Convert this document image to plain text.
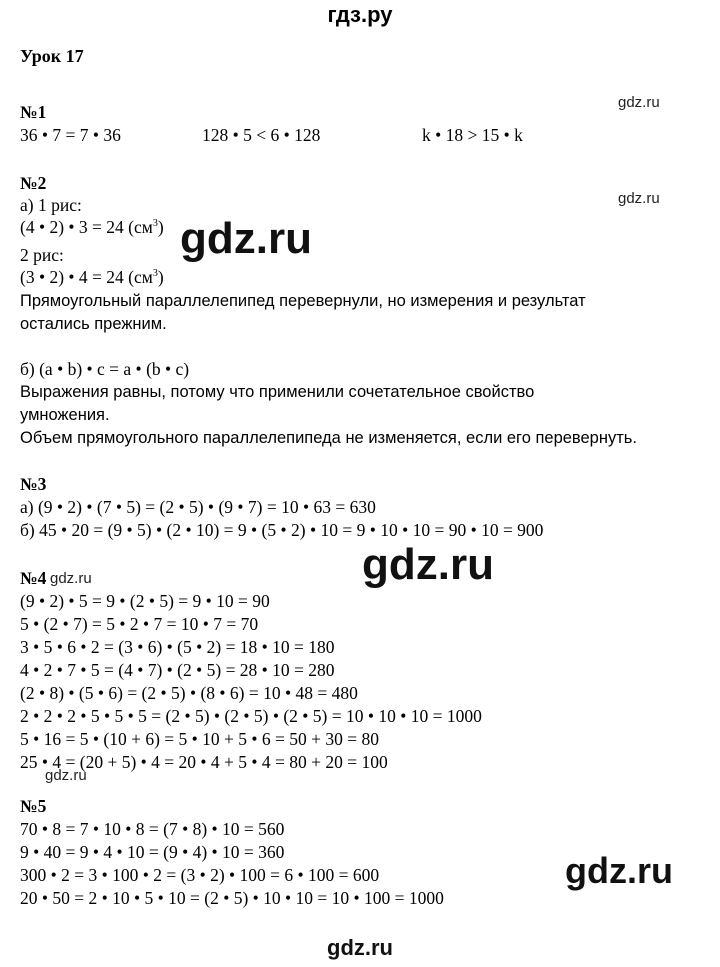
гдз.ру
Урок 17
№1	gdz.ru
36 • 7 = 7 • 36	128 • 5 < 6 • 128	k • 18 > 15 • k
№2
gdz.ru
а) 1 рис:
(4 • 2) • 3 = 24 $(см^3)$ gdz.ru
2 рис:
(3 • 2) • 4 = 24 $(см^3)$
Прямоугольный параллелепипед перевернули, но измерения и результат
остались прежним.
б) (a • b) • c = a • (b • c)
Выражения равны, потому что применили сочетательное свойство
умножения.
Объем прямоугольного параллелепипеда не изменяется, если его перевернуть.
№3
а) (9 • 2) • (7 • 5) = (2 • 5) • (9 • 7) = 10 • 63 = 630
б) 45 • 20 = (9 • 5) • (2 • 10) = 9 • (5 • 2) • 10 = 9 • 10 • 10 = 90 • 10 = 900
gdz.ru
№4 gdz.ru
(9 • 2) • 5 = 9 • (2 • 5) = 9 • 10 = 90
5 • (2 • 7) = 5 • 2 • 7 = 10 • 7 = 70
3 • 5 • 6 • 2 = (3 • 6) • (5 • 2) = 18 • 10 = 180
4 • 2 • 7 • 5 = (4 • 7) • (2 • 5) = 28 • 10 = 280
(2 • 8) • (5 • 6) = (2 • 5) • (8 • 6) = 10 • 48 = 480
2 • 2 • 2 • 5 • 5 • 5 = (2 • 5) • (2 • 5) • (2 • 5) = 10 • 10 • 10 = 1000
5 • 16 = 5 • (10 + 6) = 5 • 10 + 5 • 6 = 50 + 30 = 80
25 • 4 = (20 + 5) • 4 = 20 • 4 + 5 • 4 = 80 + 20 = 100
gdz.ru
№5
70 • 8 = 7 • 10 • 8 = (7 • 8) • 10 = 560
9 • 40 = 9 • 4 • 10 = (9 • 4) • 10 = 360
300 • 2 = 3 • 100 • 2 = (3 • 2) • 100 = 6 • 100 = 600
20 • 50 = 2 • 10 • 5 • 10 = (2 • 5) • 10 • 10 = 10 • 100 = 1000
gdz.ru
gdz.ru
